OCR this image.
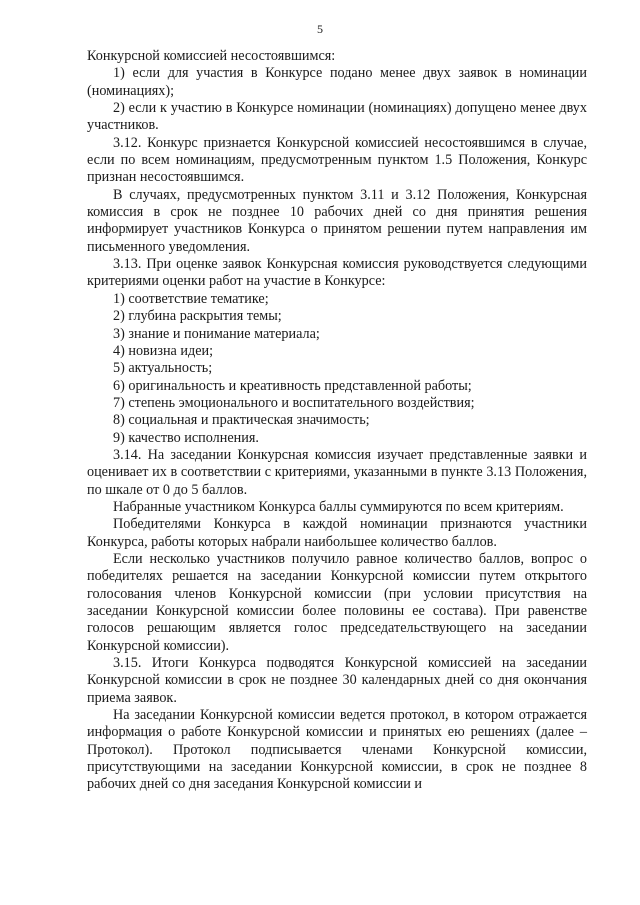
5

Конкурсной комиссией несостоявшимся:

1) если для участия в Конкурсе подано менее двух заявок в номинации (номинациях);

2) если к участию в Конкурсе номинации (номинациях) допущено менее двух участников.

3.12. Конкурс признается Конкурсной комиссией несостоявшимся в случае, если по всем номинациям, предусмотренным пунктом 1.5 Положения, Конкурс признан несостоявшимся.

В случаях, предусмотренных пунктом 3.11 и 3.12 Положения, Конкурсная комиссия в срок не позднее 10 рабочих дней со дня принятия решения информирует участников Конкурса о принятом решении путем направления им письменного уведомления.

3.13. При оценке заявок Конкурсная комиссия руководствуется следующими критериями оценки работ на участие в Конкурсе:

1) соответствие тематике;

2) глубина раскрытия темы;

3) знание и понимание материала;

4) новизна идеи;

5) актуальность;

6) оригинальность и креативность представленной работы;

7) степень эмоционального и воспитательного воздействия;

8) социальная и практическая значимость;

9) качество исполнения.

3.14. На заседании Конкурсная комиссия изучает представленные заявки и оценивает их в соответствии с критериями, указанными в пункте 3.13 Положения, по шкале от 0 до 5 баллов.

Набранные участником Конкурса баллы суммируются по всем критериям.

Победителями Конкурса в каждой номинации признаются участники Конкурса, работы которых набрали наибольшее количество баллов.

Если несколько участников получило равное количество баллов, вопрос о победителях решается на заседании Конкурсной комиссии путем открытого голосования членов Конкурсной комиссии (при условии присутствия на заседании Конкурсной комиссии более половины ее состава). При равенстве голосов решающим является голос председательствующего на заседании Конкурсной комиссии).

3.15. Итоги Конкурса подводятся Конкурсной комиссией на заседании Конкурсной комиссии в срок не позднее 30 календарных дней со дня окончания приема заявок.

На заседании Конкурсной комиссии ведется протокол, в котором отражается информация о работе Конкурсной комиссии и принятых ею решениях (далее – Протокол). Протокол подписывается членами Конкурсной комиссии, присутствующими на заседании Конкурсной комиссии, в срок не позднее 8 рабочих дней со дня заседания Конкурсной комиссии и
